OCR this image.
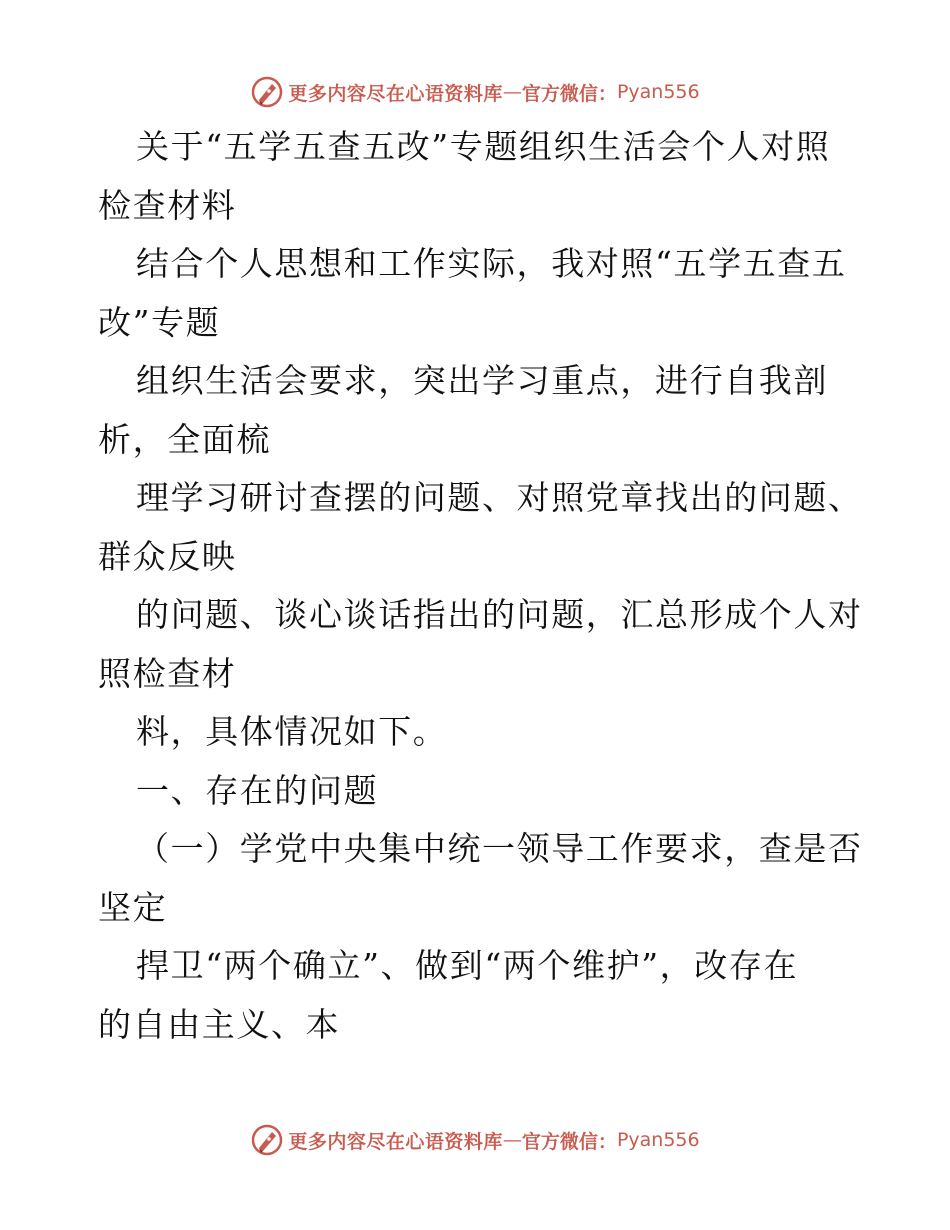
更多内容尽在心语资料库 — 官方微信： Pyan556
关于“五学五查五改”专题组织生活会个人对照
检查材料
结合个人思想和工作实际，我对照“五学五查五
改”专题
组织生活会要求，突出学习重点，进行自我剖
析，全面梳
理学习研讨查摆的问题、对照党章找出的问题、
群众反映
的问题、谈心谈话指出的问题，汇总形成个人对
照检查材
料，具体情况如下。
一、存在的问题
（一）学党中央集中统一领导工作要求，查是否
坚定
捍卫“两个确立”、做到“两个维护”，改存在
的自由主义、本
更多内容尽在心语资料库 — 官方微信： Pyan556
